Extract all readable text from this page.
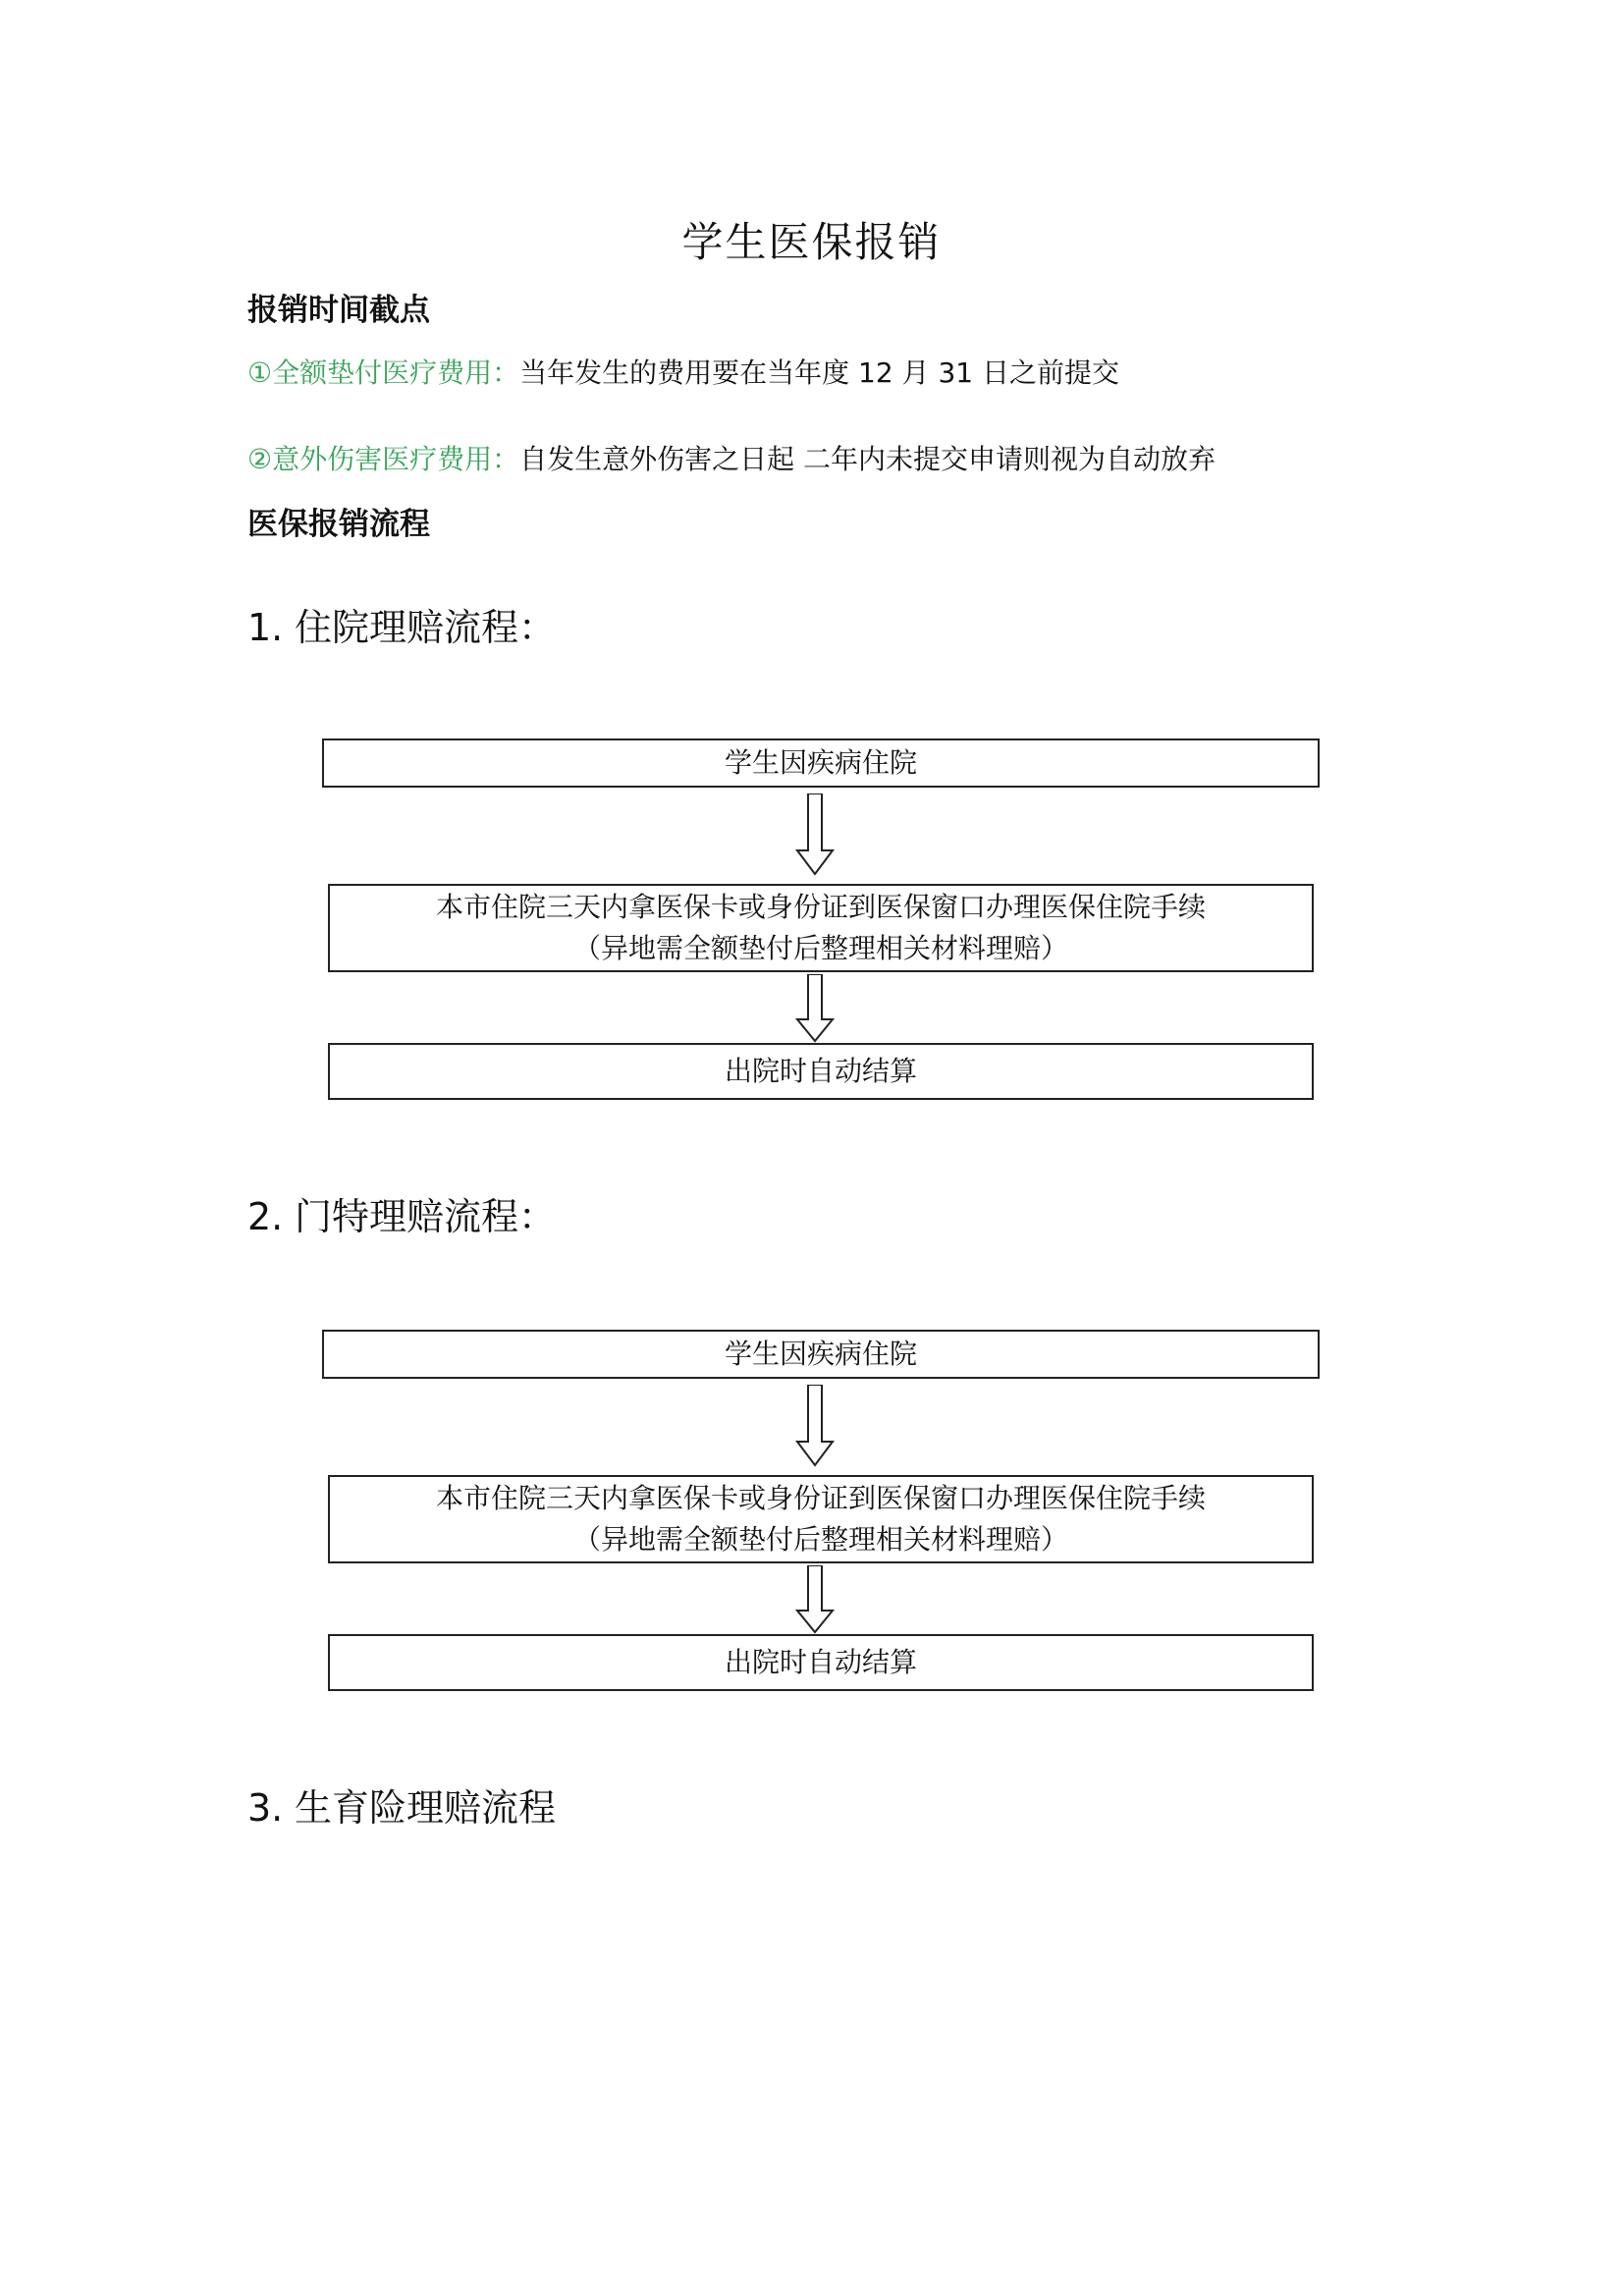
学生医保报销
报销时间截点
①全额垫付医疗费用：当年发生的费用要在当年度 12 月 31 日之前提交
②意外伤害医疗费用：自发生意外伤害之日起 二年内未提交申请则视为自动放弃
医保报销流程
1. 住院理赔流程：
学生因疾病住院
本市住院三天内拿医保卡或身份证到医保窗口办理医保住院手续
（异地需全额垫付后整理相关材料理赔）
出院时自动结算
2. 门特理赔流程：
学生因疾病住院
本市住院三天内拿医保卡或身份证到医保窗口办理医保住院手续
（异地需全额垫付后整理相关材料理赔）
出院时自动结算
3. 生育险理赔流程
